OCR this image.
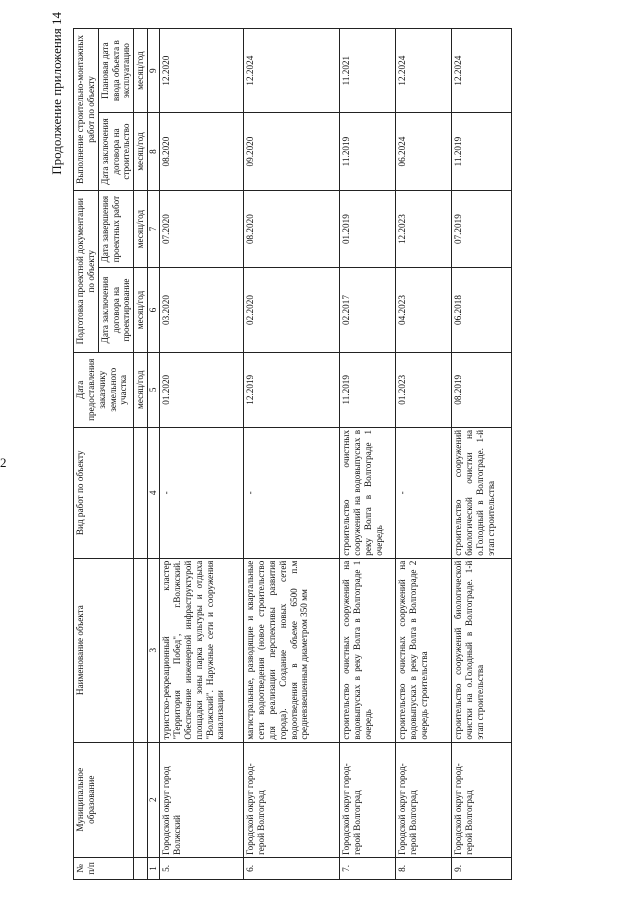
2
Продолжение приложения 14
№ п/п	Муниципальное образование	Наименование объекта	Вид работ по объекту	Дата предоставления заказчику земельного участка	Подготовка проектной документации по объекту		Выполнение строительно-монтажных работ по объекту	
					Дата заключения договора на проектирование	Дата завершения проектных работ	Дата заключения договора на строительство	Плановая дата ввода объекта в эксплуатацию
				месяц/год	месяц/год	месяц/год	месяц/год	месяц/год
1	2	3	4	5	6	7	8	9
5.	Городской округ город Волжский	туристско-рекреационный кластер "Территория Побед", г.Волжский. Обеспечение инженерной инфраструктурой площадки зоны парка культуры и отдыха "Волжский". Наружные сети и сооружения канализации	-	01.2020	03.2020	07.2020	08.2020	12.2020
6.	Городской округ город-герой Волгоград	магистральные, разводящие и квартальные сети водоотведения (новое строительство для реализации перспективы развития города). Создание новых сетей водоотведения в объеме 6500 п.м средневзвешенным диаметром 350 мм	-	12.2019	02.2020	08.2020	09.2020	12.2024
7.	Городской округ город-герой Волгоград	строительство очистных сооружений на водовыпусках в реку Волга в Волгограде 1 очередь	строительство очистных сооружений на водовыпусках в реку Волга в Волгограде 1 очередь	11.2019	02.2017	01.2019	11.2019	11.2021
8.	Городской округ город-герой Волгоград	строительство очистных сооружений на водовыпусках в реку Волга в Волгограде 2 очередь строительства	-	01.2023	04.2023	12.2023	06.2024	12.2024
9.	Городской округ город-герой Волгоград	строительство сооружений биологической очистки на о.Голодный в Волгограде. 1-й этап строительства	строительство сооружений биологической очистки на о.Голодный в Волгограде. 1-й этап строительства	08.2019	06.2018	07.2019	11.2019	12.2024
